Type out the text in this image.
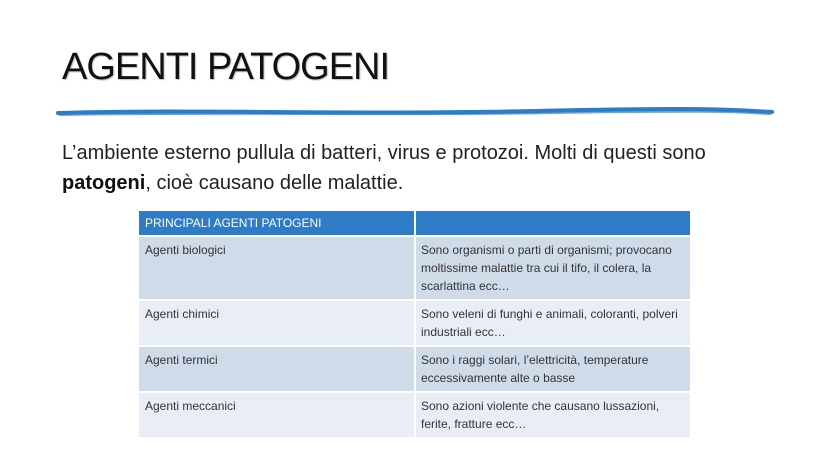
AGENTI PATOGENI

L’ambiente esterno pullula di batteri, virus e protozoi. Molti di questi sono patogeni, cioè causano delle malattie.

PRINCIPALI AGENTI PATOGENI	
Agenti biologici	Sono organismi o parti di organismi; provocano moltissime malattie tra cui il tifo, il colera, la scarlattina ecc…
Agenti chimici	Sono veleni di funghi e animali, coloranti, polveri industriali ecc…
Agenti termici	Sono i raggi solari, l’elettricità, temperature eccessivamente alte o basse
Agenti meccanici	Sono azioni violente che causano lussazioni, ferite, fratture ecc…
